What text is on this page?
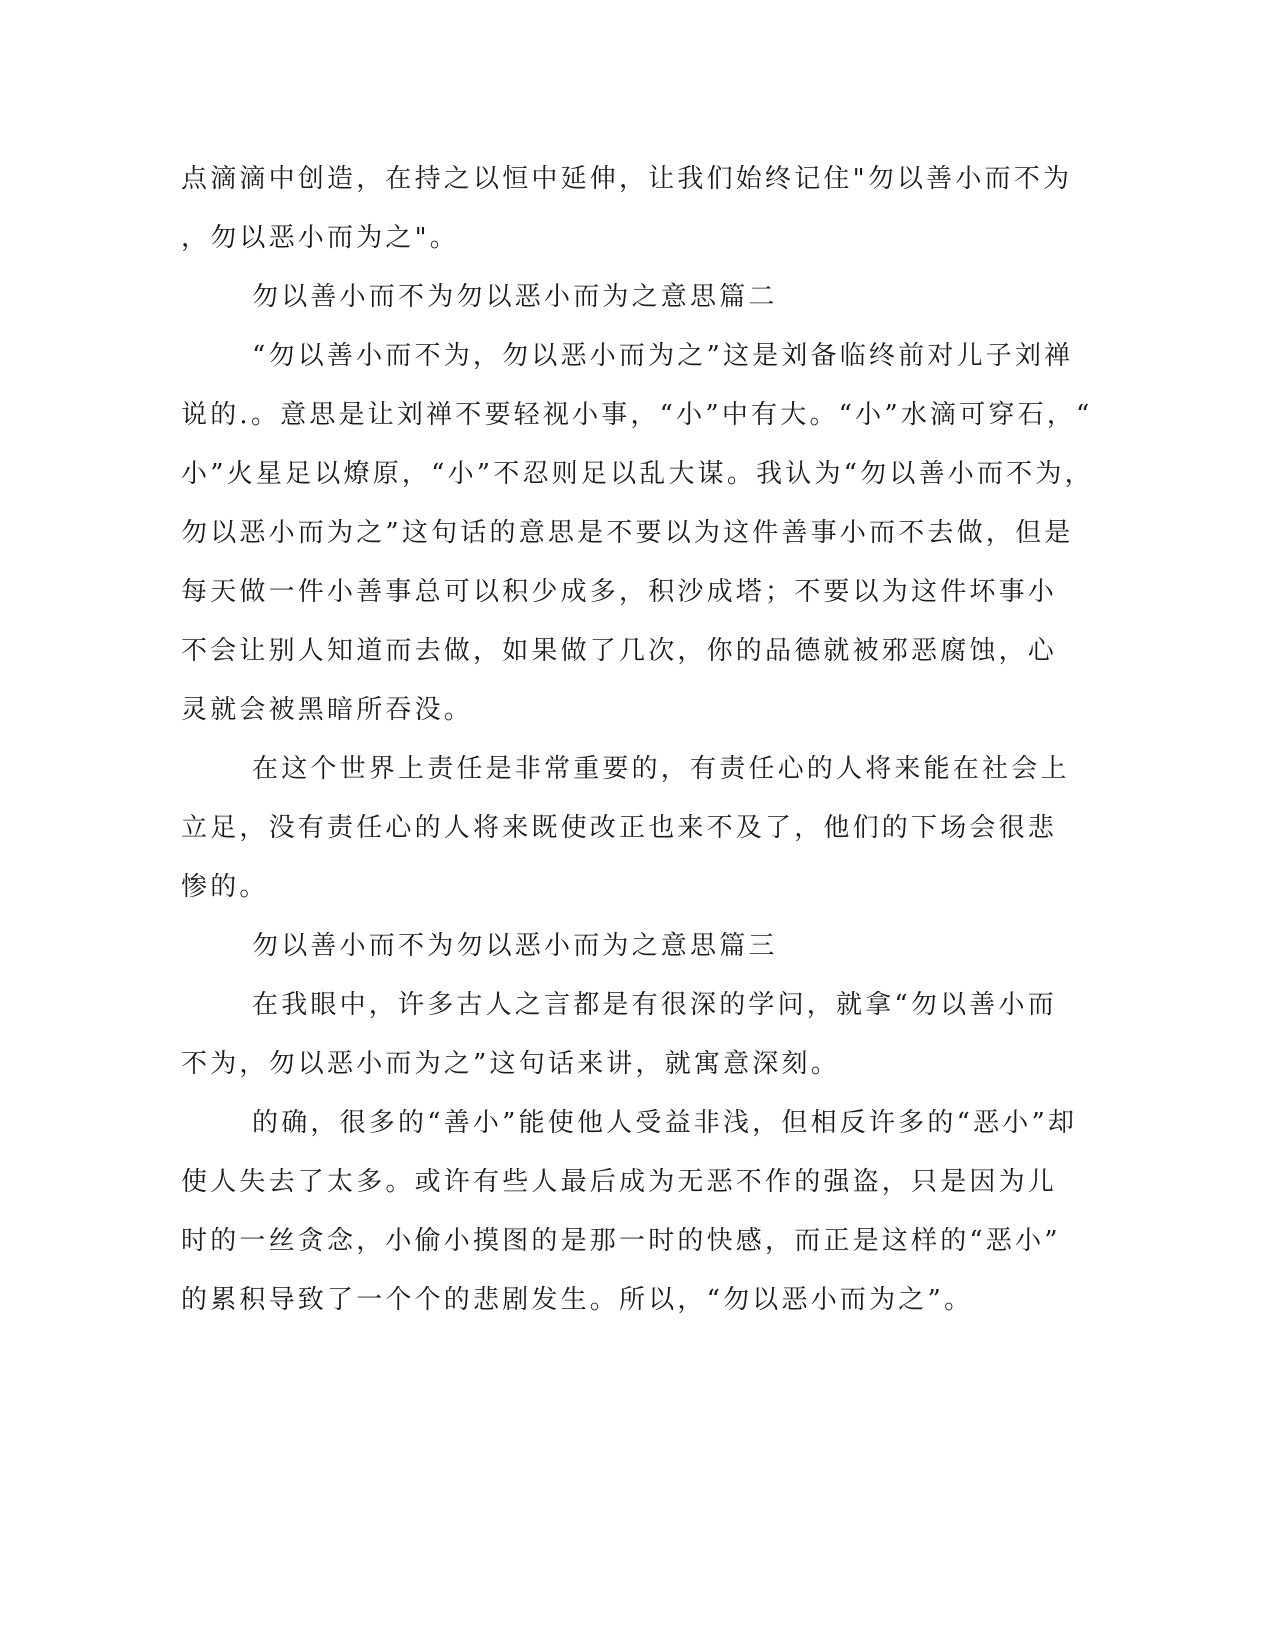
点滴滴中创造，在持之以恒中延伸，让我们始终记住"勿以善小而不为
，勿以恶小而为之"。
勿以善小而不为勿以恶小而为之意思篇二
“勿以善小而不为，勿以恶小而为之”这是刘备临终前对儿子刘禅
说的.。意思是让刘禅不要轻视小事，“小”中有大。“小”水滴可穿石，“
小”火星足以燎原，“小”不忍则足以乱大谋。我认为“勿以善小而不为，
勿以恶小而为之”这句话的意思是不要以为这件善事小而不去做，但是
每天做一件小善事总可以积少成多，积沙成塔；不要以为这件坏事小
不会让别人知道而去做，如果做了几次，你的品德就被邪恶腐蚀，心
灵就会被黑暗所吞没。
在这个世界上责任是非常重要的，有责任心的人将来能在社会上
立足，没有责任心的人将来既使改正也来不及了，他们的下场会很悲
惨的。
勿以善小而不为勿以恶小而为之意思篇三
在我眼中，许多古人之言都是有很深的学问，就拿“勿以善小而
不为，勿以恶小而为之”这句话来讲，就寓意深刻。
的确，很多的“善小”能使他人受益非浅，但相反许多的“恶小”却
使人失去了太多。或许有些人最后成为无恶不作的强盗，只是因为儿
时的一丝贪念，小偷小摸图的是那一时的快感，而正是这样的“恶小”
的累积导致了一个个的悲剧发生。所以，“勿以恶小而为之”。
